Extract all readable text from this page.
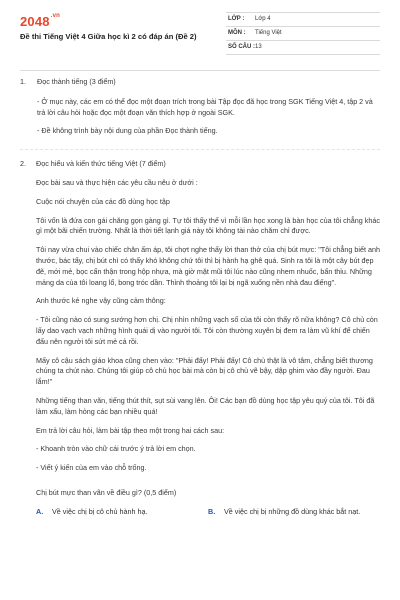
$2048^{.vn}$
Đề thi Tiếng Việt 4 Giữa học kì 2 có đáp án (Đề 2)
LỚP :	Lớp 4
MÔN :	Tiếng Việt
SỐ CÂU : 13
1.	Đọc thành tiếng (3 điểm)
- Ở mục này, các em có thể đọc một đoạn trích trong bài Tập đọc đã học trong SGK Tiếng Việt 4, tập 2 và trả lời câu hỏi hoặc đọc một đoạn văn thích hợp ở ngoài SGK.
- Đề không trình bày nội dung của phần Đọc thành tiếng.
2.	Đọc hiểu và kiến thức tiếng Việt (7 điểm)
Đọc bài sau và thực hiện các yêu cầu nêu ở dưới :
Cuộc nói chuyện của các đồ dùng học tập
Tôi vốn là đứa con gái chăng gọn gàng gì. Tự tôi thấy thế vì mỗi lần học xong là bàn học của tôi chẳng khác gì một bãi chiến trường. Nhất là thời tiết lạnh giá này tôi không tài nào chăm chỉ được.
Tôi nay vừa chui vào chiếc chăn ấm áp, tôi chợt nghe thấy lời than thở của chị bút mực: "Tôi chẳng biết anh thước, bác tẩy, chị bút chì có thấy khó không chứ tôi thì bị hành hạ ghê quá. Sinh ra tôi là một cây bút đẹp đẽ, mới mẻ, bọc cẩn thận trong hộp nhựa, mà giờ mặt mũi tôi lúc nào cũng nhem nhuốc, bẩn thỉu. Những mảng da của tôi loang lổ, bong tróc dần. Thỉnh thoảng tôi lại bị ngã xuống nền nhà đau điếng".
Anh thước kẻ nghe vậy cũng cảm thông:
- Tôi cũng nào có sung sướng hơn chị. Chị nhìn những vạch số của tôi còn thấy rõ nữa không? Cô chủ còn lấy dao vạch vạch những hình quái dị vào người tôi. Tôi còn thường xuyên bị đem ra làm vũ khí để chiến đấu nên người tôi sứt mẻ cả rồi.
Mấy cô cậu sách giáo khoa cũng chen vào: "Phải đấy! Phải đấy! Cô chủ thật là vô tâm, chẳng biết thương chúng ta chút nào. Chúng tôi giúp cô chủ học bài mà còn bị cô chủ vẽ bậy, dập ghim vào đầy người. Đau lắm!"
Những tiếng than vãn, tiếng thút thít, sụt sùi vang lên. Ôi! Các bạn đồ dùng học tập yêu quý của tôi. Tôi đã làm xấu, làm hỏng các bạn nhiều quá!
Em trả lời câu hỏi, làm bài tập theo một trong hai cách sau:
- Khoanh tròn vào chữ cái trước ý trả lời em chọn.
- Viết ý kiến của em vào chỗ trống.
Chị bút mực than vãn về điều gì? (0,5 điểm)
A.	Về việc chị bị cô chủ hành hạ.	B.	Về việc chị bị những đồ dùng khác bắt nạt.
